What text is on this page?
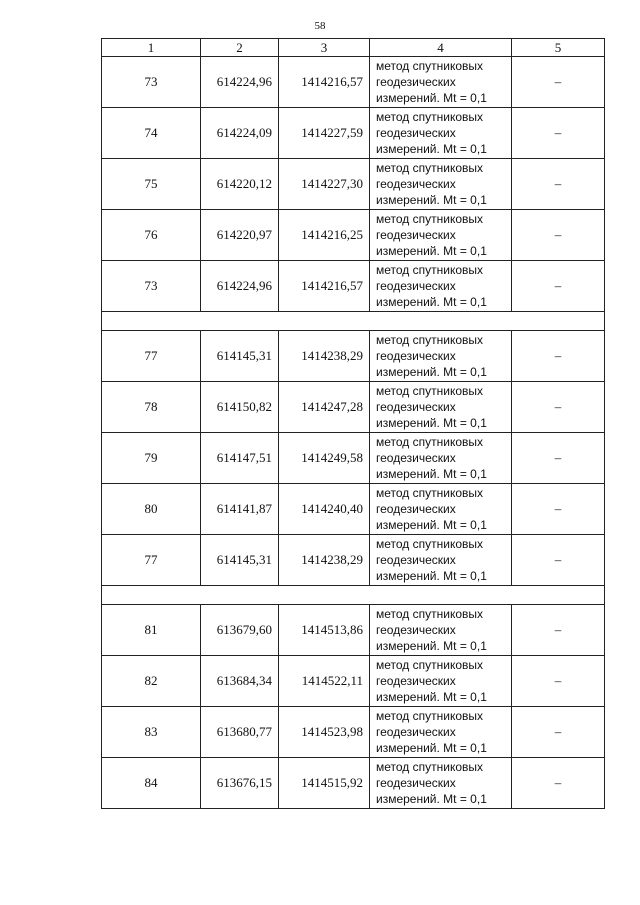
58
1	2	3	4	5
73	614224,96	1414216,57	метод спутниковых
геодезических
измерений. Mt = 0,1	–
74	614224,09	1414227,59	метод спутниковых
геодезических
измерений. Mt = 0,1	–
75	614220,12	1414227,30	метод спутниковых
геодезических
измерений. Mt = 0,1	–
76	614220,97	1414216,25	метод спутниковых
геодезических
измерений. Mt = 0,1	–
73	614224,96	1414216,57	метод спутниковых
геодезических
измерений. Mt = 0,1	–

77	614145,31	1414238,29	метод спутниковых
геодезических
измерений. Mt = 0,1	–
78	614150,82	1414247,28	метод спутниковых
геодезических
измерений. Mt = 0,1	–
79	614147,51	1414249,58	метод спутниковых
геодезических
измерений. Mt = 0,1	–
80	614141,87	1414240,40	метод спутниковых
геодезических
измерений. Mt = 0,1	–
77	614145,31	1414238,29	метод спутниковых
геодезических
измерений. Mt = 0,1	–

81	613679,60	1414513,86	метод спутниковых
геодезических
измерений. Mt = 0,1	–
82	613684,34	1414522,11	метод спутниковых
геодезических
измерений. Mt = 0,1	–
83	613680,77	1414523,98	метод спутниковых
геодезических
измерений. Mt = 0,1	–
84	613676,15	1414515,92	метод спутниковых
геодезических
измерений. Mt = 0,1	–
